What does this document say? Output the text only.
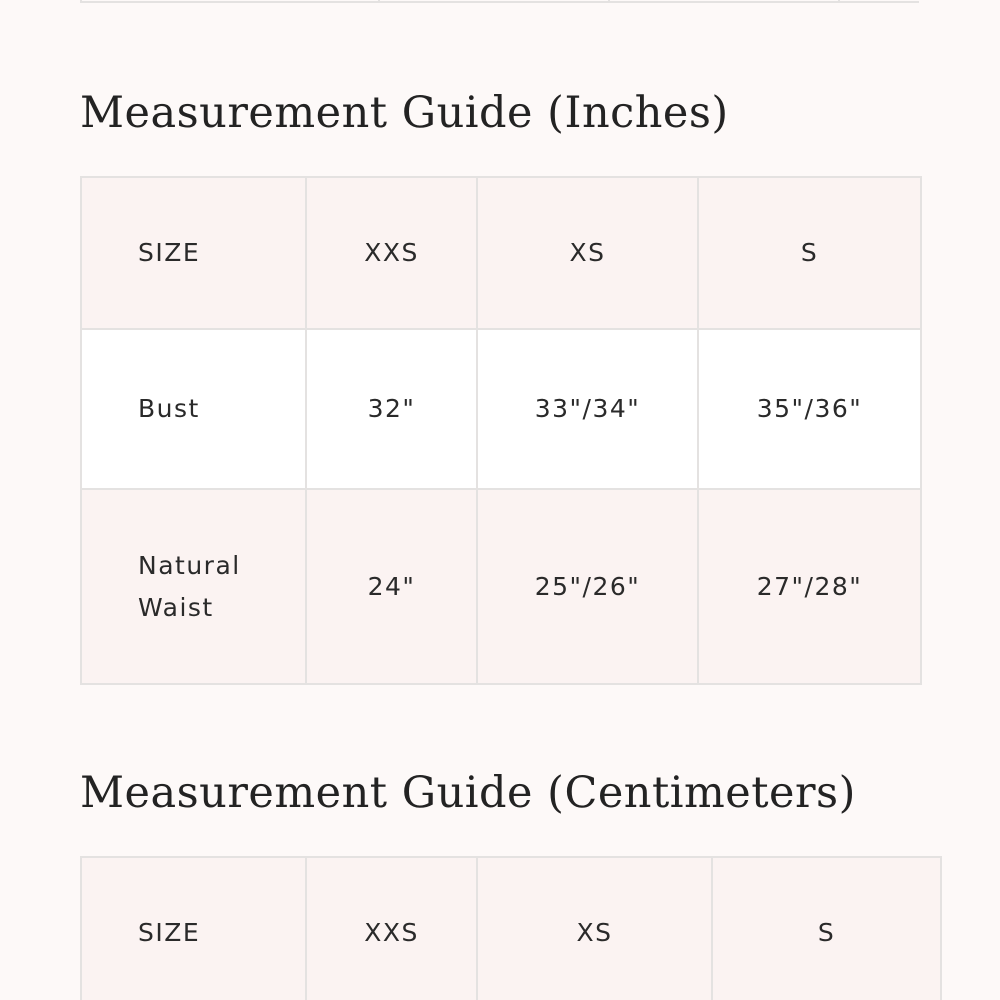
Measurement Guide (Inches)
SIZE	XXS	XS	S
Bust	32"	33"/34"	35"/36"

Natural Waist	24"	25"/26"	27"/28"
Measurement Guide (Centimeters)
SIZE	XXS	XS	S
